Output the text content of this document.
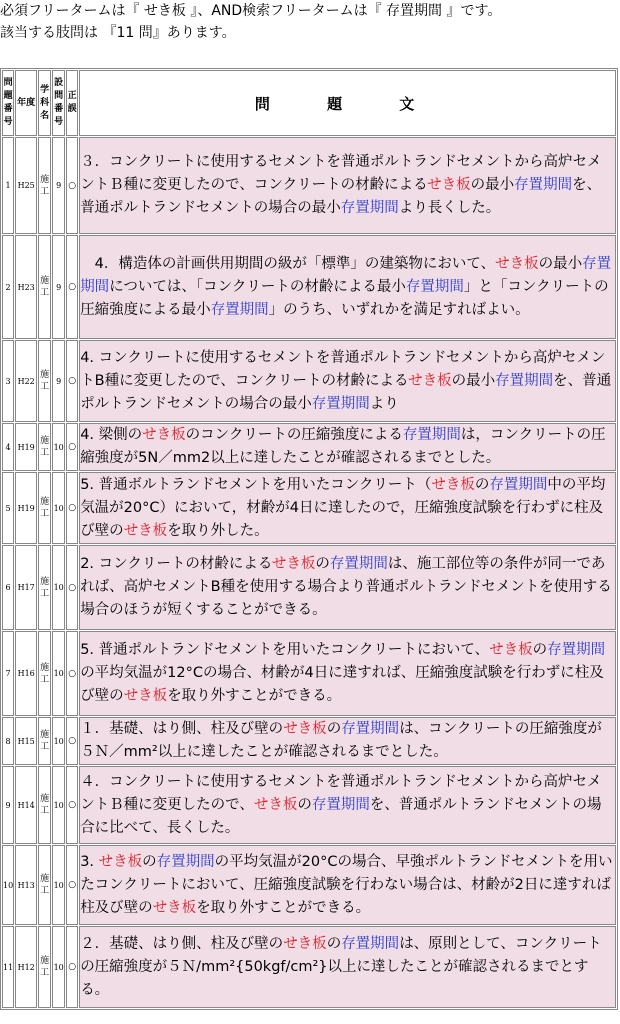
必須フリータームは『 せき板 』、AND検索フリータームは『 存置期間 』です。

該当する肢問は 『11 問』あります。

問題番号	年度	学科名	設問番号	正誤	問 題 文
1	H25	施工	9	○	３．コンクリートに使用するセメントを普通ポルトランドセメントから高炉セメントＢ種に変更したので、コンクリートの材齢によるせき板の最小存置期間を、普通ポルトランドセメントの場合の最小存置期間より長くした。
2	H23	施工	9	○	　4．構造体の計画供用期間の級が「標準」の建築物において、せき板の最小存置期間については、「コンクリートの材齢による最小存置期間」と「コンクリートの圧縮強度による最小存置期間」のうち、いずれかを満足すればよい。
3	H22	施工	9	○	4. コンクリートに使用するセメントを普通ポルトランドセメントから高炉セメントB種に変更したので、コンクリートの材齢によるせき板の最小存置期間を、普通ポルトランドセメントの場合の最小存置期間より
4	H19	施工	10	○	4. 梁側のせき板のコンクリートの圧縮強度による存置期間は，コンクリートの圧縮強度が5N／mm2以上に達したことが確認されるまでとした。
5	H19	施工	10	○	5. 普通ボルトランドセメントを用いたコンクリート（せき板の存置期間中の平均気温が20°C）において，材齢が4日に達したので，圧縮強度試験を行わずに柱及び壁のせき板を取り外した。
6	H17	施工	10	○	2. コンクリートの材齢によるせき板の存置期間は、施工部位等の条件が同一であれば、高炉セメントB種を使用する場合より普通ポルトランドセメントを使用する場合のほうが短くすることができる。
7	H16	施工	10	○	5. 普通ポルトランドセメントを用いたコンクリートにおいて、せき板の存置期間の平均気温が12°Cの場合、材齢が4日に達すれば、圧縮強度試験を行わずに柱及び壁のせき板を取り外すことができる。
8	H15	施工	10	○	１．基礎、はり側、柱及び壁のせき板の存置期間は、コンクリートの圧縮強度が５Ｎ／mm²以上に達したことが確認されるまでとした。
9	H14	施工	10	○	４．コンクリートに使用するセメントを普通ポルトランドセメントから高炉セメントＢ種に変更したので、せき板の存置期間を、普通ポルトランドセメントの場合に比べて、長くした。
10	H13	施工	10	○	3. せき板の存置期間の平均気温が20°Cの場合、早強ポルトランドセメントを用いたコンクリートにおいて、圧縮強度試験を行わない場合は、材齢が2日に達すれば柱及び壁のせき板を取り外すことができる。
11	H12	施工	10	○	２．基礎、はり側、柱及び壁のせき板の存置期間は、原則として、コンクリートの圧縮強度が５Ｎ/mm²{50kgf/cm²}以上に達したことが確認されるまでとする。
